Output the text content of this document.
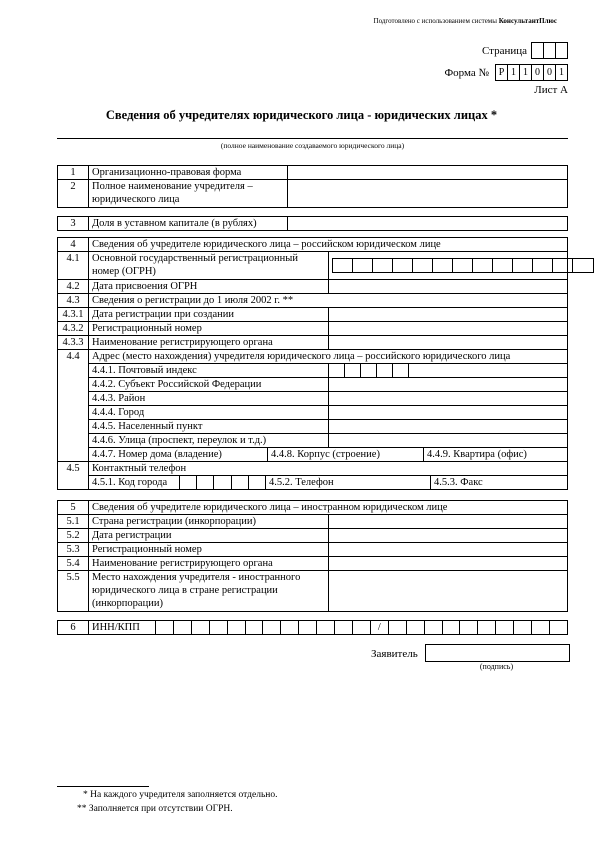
Подготовлено с использованием системы КонсультантПлюс
Страница
Форма № Р 1 1 0 0 1
Лист А
Сведения об учредителях юридического лица - юридических лицах *
(полное наименование создаваемого юридического лица)
1	Организационно-правовая форма	
2	Полное наименование учредителя – юридического лица	
3	Доля в уставном капитале (в рублях)	
4	Сведения об учредителе юридического лица – российском юридическом лице	
4.1	Основной государственный регистрационный номер (ОГРН)	

4.2	Дата присвоения ОГРН	
4.3	Сведения о регистрации до 1 июля 2002 г. **	
4.3.1	Дата регистрации при создании	
4.3.2	Регистрационный номер	
4.3.3	Наименование регистрирующего органа	
4.4	Адрес (место нахождения) учредителя юридического лица – российского юридического лица	
	4.4.1. Почтовый индекс	

	4.4.2. Субъект Российской Федерации	
	4.4.3. Район	
	4.4.4. Город	
	4.4.5. Населенный пункт	
	4.4.6. Улица (проспект, переулок и т.д.)	

	4.4.7. Номер дома (владение) 4.4.8. Корпус (строение) 4.4.9. Квартира (офис)	

4.5	Контактный телефон	

	4.5.1. Код города 4.5.2. Телефон 4.5.3. Факс	
5	Сведения об учредителе юридического лица – иностранном юридическом лице	
5.1	Страна регистрации (инкорпорации)	
5.2	Дата регистрации	
5.3	Регистрационный номер	
5.4	Наименование регистрирующего органа	
5.5	Место нахождения учредителя - иностранного юридического лица в стране регистрации (инкорпорации)	
6	ИНН/КПП	/
Заявитель
(подпись)
* На каждого учредителя заполняется отдельно.
** Заполняется при отсутствии ОГРН.
